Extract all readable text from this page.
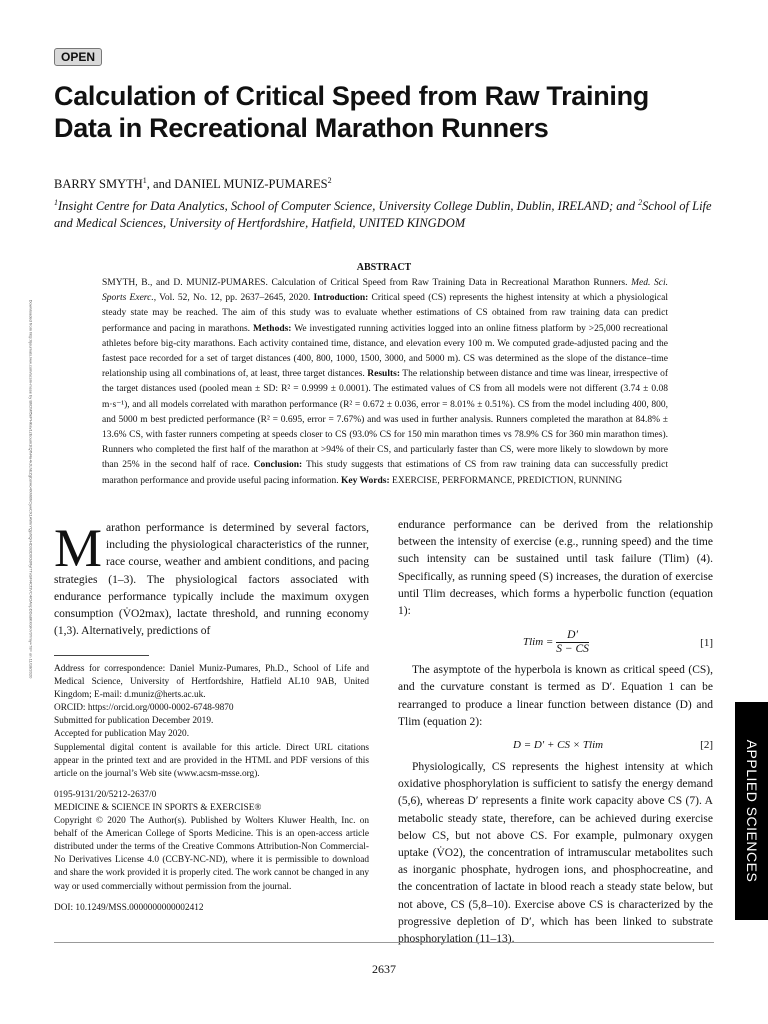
OPEN
Calculation of Critical Speed from Raw Training
Data in Recreational Marathon Runners
BARRY SMYTH$^1$, and DANIEL MUNIZ-PUMARES$^2$
$^1$Insight Centre for Data Analytics, School of Computer Science, University College Dublin, Dublin, IRELAND; and $^2$School of Life and Medical Sciences, University of Hertfordshire, Hatfield, UNITED KINGDOM
ABSTRACT
SMYTH, B., and D. MUNIZ-PUMARES. Calculation of Critical Speed from Raw Training Data in Recreational Marathon Runners. Med. Sci. Sports Exerc., Vol. 52, No. 12, pp. 2637–2645, 2020. Introduction: Critical speed (CS) represents the highest intensity at which a physiological steady state may be reached. The aim of this study was to evaluate whether estimations of CS obtained from raw training data can predict performance and pacing in marathons. Methods: We investigated running activities logged into an online fitness platform by >25,000 recreational athletes before big-city marathons. Each activity contained time, distance, and elevation every 100 m. We computed grade-adjusted pacing and the fastest pace recorded for a set of target distances (400, 800, 1000, 1500, 3000, and 5000 m). CS was determined as the slope of the distance–time relationship using all combinations of, at least, three target distances. Results: The relationship between distance and time was linear, irrespective of the target distances used (pooled mean ± SD: R² = 0.9999 ± 0.0001). The estimated values of CS from all models were not different (3.74 ± 0.08 m·s⁻¹), and all models correlated with marathon performance (R² = 0.672 ± 0.036, error = 8.01% ± 0.51%). CS from the model including 400, 800, and 5000 m best predicted performance (R² = 0.695, error = 7.67%) and was used in further analysis. Runners completed the marathon at 84.8% ± 13.6% CS, with faster runners competing at speeds closer to CS (93.0% CS for 150 min marathon times vs 78.9% CS for 360 min marathon times). Runners who completed the first half of the marathon at >94% of their CS, and particularly faster than CS, were more likely to slowdown by more than 25% in the second half of race. Conclusion: This study suggests that estimations of CS from raw training data can successfully predict marathon performance and provide useful pacing information. Key Words: EXERCISE, PERFORMANCE, PREDICTION, RUNNING
Marathon performance is determined by several factors, including the physiological characteristics of the runner, race course, weather and ambient conditions, and pacing strategies (1–3). The physiological factors associated with endurance performance typically include the maximum oxygen consumption (V̇O2max), lactate threshold, and running economy (1,3). Alternatively, predictions of

Address for correspondence: Daniel Muniz-Pumares, Ph.D., School of Life and Medical Science, University of Hertfordshire, Hatfield AL10 9AB, United Kingdom; E-mail: d.muniz@herts.ac.uk.

ORCID: https://orcid.org/0000-0002-6748-9870

Submitted for publication December 2019.

Accepted for publication May 2020.

Supplemental digital content is available for this article. Direct URL citations appear in the printed text and are provided in the HTML and PDF versions of this article on the journal’s Web site (www.acsm-msse.org).

0195-9131/20/5212-2637/0

MEDICINE & SCIENCE IN SPORTS & EXERCISE®

Copyright © 2020 The Author(s). Published by Wolters Kluwer Health, Inc. on behalf of the American College of Sports Medicine. This is an open-access article distributed under the terms of the Creative Commons Attribution-Non Commercial-No Derivatives License 4.0 (CCBY-NC-ND), where it is permissible to download and share the work provided it is properly cited. The work cannot be changed in any way or used commercially without permission from the journal.

DOI: 10.1249/MSS.0000000000002412

endurance performance can be derived from the relationship between the intensity of exercise (e.g., running speed) and the time such intensity can be sustained until task failure (Tlim) (4). Specifically, as running speed (S) increases, the duration of exercise until Tlim decreases, which forms a hyperbolic function (equation 1):
$Tlim = \frac{D'}{S - CS}$	[1]
The asymptote of the hyperbola is known as critical speed (CS), and the curvature constant is termed as D′. Equation 1 can be rearranged to produce a linear function between distance (D) and Tlim (equation 2):
D = D′ + CS × Tlim	[2]
Physiologically, CS represents the highest intensity at which oxidative phosphorylation is sufficient to satisfy the energy demand (5,6), whereas D′ represents a finite work capacity above CS (7). A metabolic steady state, therefore, can be achieved during exercise below CS, but not above CS. For example, pulmonary oxygen uptake (V̇O2), the concentration of intramuscular metabolites such as inorganic phosphate, hydrogen ions, and phosphocreatine, and the concentration of lactate in blood reach a steady state below, but not above, CS (5,8–10). Exercise above CS is characterized by the progressive depletion of D′, which has been linked to substrate phosphorylation (11–13).
APPLIED SCIENCES
Downloaded from http://journals.lww.com/acsm-msse by BhDMf5ePHKav1zEoum1tQfN4a+kJLhEZgbsIHo4XMi0hCywCX1AWnYQp/IlQrHD3i3D0OdRyi7TvSFl4Cf3VC4/OAVpDDa8KKGKV0Ymy+78= on 11/18/2020
2637
